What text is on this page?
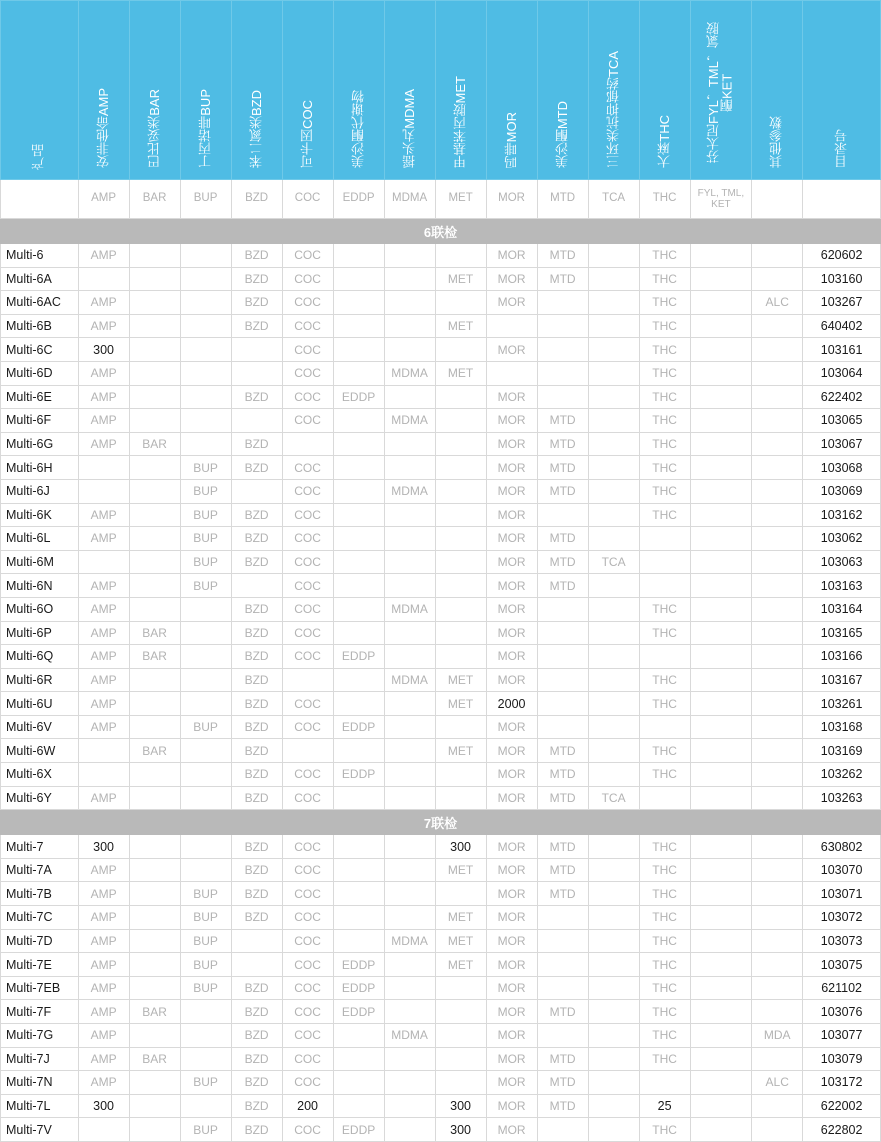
产品	安非他命AMP	巴比妥类BAR	丁丙诺啡BUP	苯二氮类BZD	可卡因COC	美沙酮代谢物	摇头丸MDMA	甲基苯丙胺MET	吗啡MOR	美沙酮MTD	三环类抗抑郁药TCA	大麻THC	芬太尼FYL，TML，氯胺酮KET	其他参数	目录号
	AMP	BAR	BUP	BZD	COC	EDDP	MDMA	MET	MOR	MTD	TCA	THC	FYL, TML, KET		
6联检															
Multi-6	AMP			BZD	COC				MOR	MTD		THC			620602
Multi-6A				BZD	COC			MET	MOR	MTD		THC			103160
Multi-6AC	AMP			BZD	COC				MOR			THC		ALC	103267
Multi-6B	AMP			BZD	COC			MET				THC			640402
Multi-6C	300				COC				MOR			THC			103161
Multi-6D	AMP				COC		MDMA	MET				THC			103064
Multi-6E	AMP			BZD	COC	EDDP			MOR			THC			622402
Multi-6F	AMP				COC		MDMA		MOR	MTD		THC			103065
Multi-6G	AMP	BAR		BZD					MOR	MTD		THC			103067
Multi-6H			BUP	BZD	COC				MOR	MTD		THC			103068
Multi-6J			BUP		COC		MDMA		MOR	MTD		THC			103069
Multi-6K	AMP		BUP	BZD	COC				MOR			THC			103162
Multi-6L	AMP		BUP	BZD	COC				MOR	MTD					103062
Multi-6M			BUP	BZD	COC				MOR	MTD	TCA				103063
Multi-6N	AMP		BUP		COC				MOR	MTD					103163
Multi-6O	AMP			BZD	COC		MDMA		MOR			THC			103164
Multi-6P	AMP	BAR		BZD	COC				MOR			THC			103165
Multi-6Q	AMP	BAR		BZD	COC	EDDP			MOR						103166
Multi-6R	AMP			BZD			MDMA	MET	MOR			THC			103167
Multi-6U	AMP			BZD	COC			MET	2000			THC			103261
Multi-6V	AMP		BUP	BZD	COC	EDDP			MOR						103168
Multi-6W		BAR		BZD				MET	MOR	MTD		THC			103169
Multi-6X				BZD	COC	EDDP			MOR	MTD		THC			103262
Multi-6Y	AMP			BZD	COC				MOR	MTD	TCA				103263
7联检															
Multi-7	300			BZD	COC			300	MOR	MTD		THC			630802
Multi-7A	AMP			BZD	COC			MET	MOR	MTD		THC			103070
Multi-7B	AMP		BUP	BZD	COC				MOR	MTD		THC			103071
Multi-7C	AMP		BUP	BZD	COC			MET	MOR			THC			103072
Multi-7D	AMP		BUP		COC		MDMA	MET	MOR			THC			103073
Multi-7E	AMP		BUP		COC	EDDP		MET	MOR			THC			103075
Multi-7EB	AMP		BUP	BZD	COC	EDDP			MOR			THC			621102
Multi-7F	AMP	BAR		BZD	COC	EDDP			MOR	MTD		THC			103076
Multi-7G	AMP			BZD	COC		MDMA		MOR			THC		MDA	103077
Multi-7J	AMP	BAR		BZD	COC				MOR	MTD		THC			103079
Multi-7N	AMP		BUP	BZD	COC				MOR	MTD				ALC	103172
Multi-7L	300			BZD	200			300	MOR	MTD		25			622002
Multi-7V			BUP	BZD	COC	EDDP		300	MOR			THC			622802
